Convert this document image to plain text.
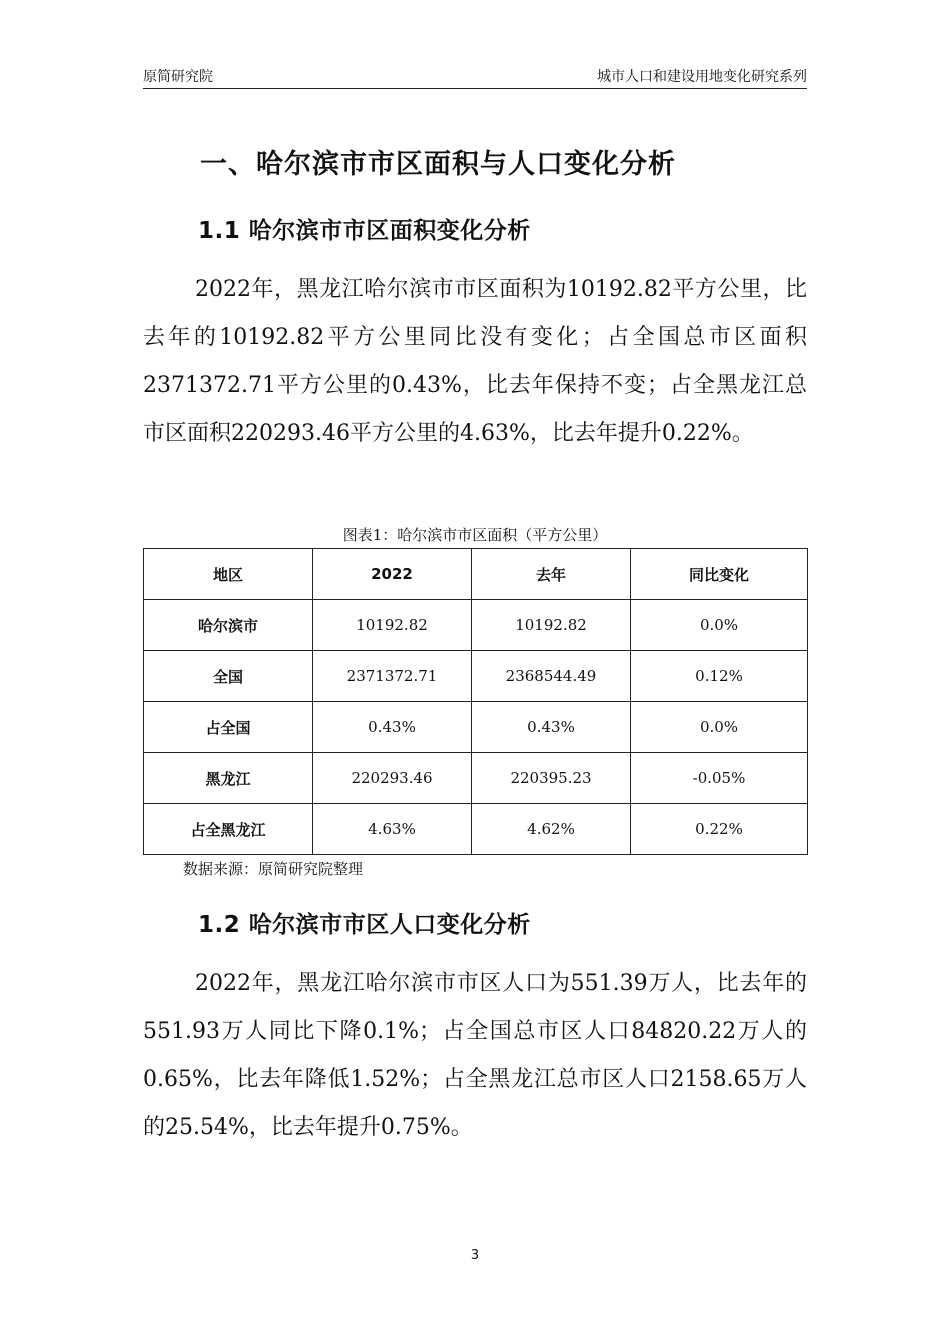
原简研究院	城市人口和建设用地变化研究系列
一、哈尔滨市市区面积与人口变化分析
1.1 哈尔滨市市区面积变化分析

2022年，黑龙江哈尔滨市市区面积为10192.82平方公里，比去年的10192.82平方公里同比没有变化；占全国总市区面积2371372.71平方公里的0.43%，比去年保持不变；占全黑龙江总市区面积220293.46平方公里的4.63%，比去年提升0.22%。

图表1：哈尔滨市市区面积（平方公里）
地区	2022	去年	同比变化
哈尔滨市	10192.82	10192.82	0.0%
全国	2371372.71	2368544.49	0.12%
占全国	0.43%	0.43%	0.0%
黑龙江	220293.46	220395.23	-0.05%
占全黑龙江	4.63%	4.62%	0.22%
数据来源：原简研究院整理
1.2 哈尔滨市市区人口变化分析

2022年，黑龙江哈尔滨市市区人口为551.39万人，比去年的551.93万人同比下降0.1%；占全国总市区人口84820.22万人的0.65%，比去年降低1.52%；占全黑龙江总市区人口2158.65万人的25.54%，比去年提升0.75%。

3
